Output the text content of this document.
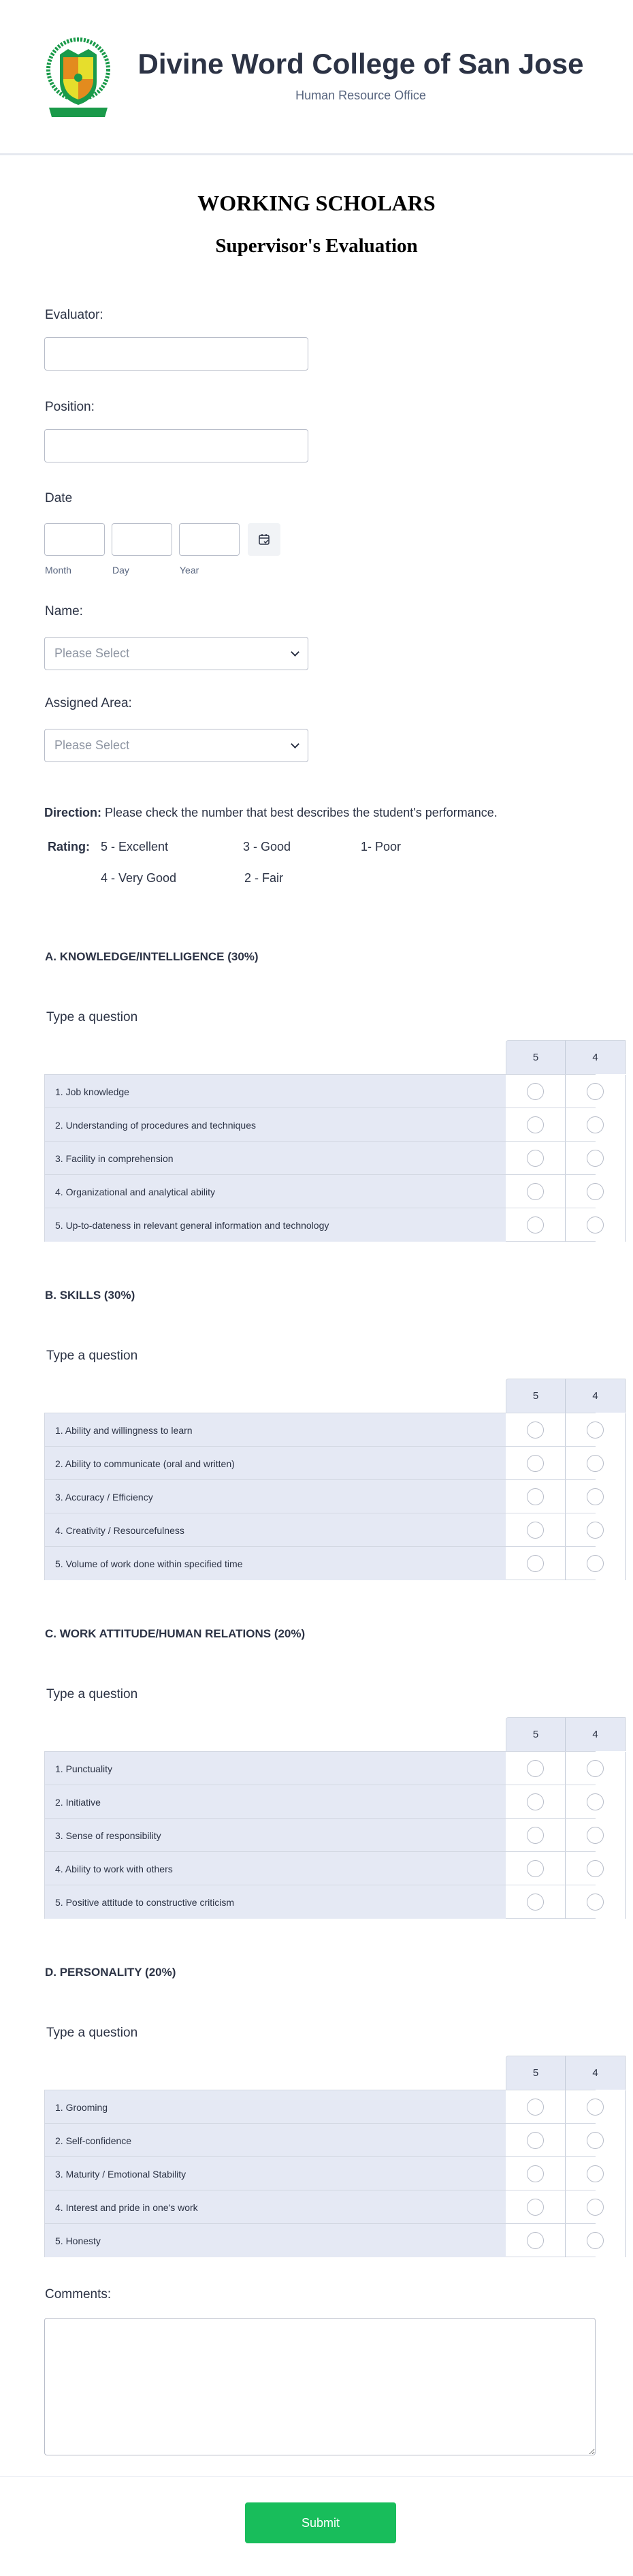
Divine Word College of San Jose
Human Resource Office
WORKING SCHOLARS
Supervisor's Evaluation
Evaluator:
Position:
Date
Month	Day	Year
Name:
Please Select
Assigned Area:
Please Select
Direction: Please check the number that best describes the student's performance.
Rating: 5 - Excellent	3 - Good	1- Poor
4 - Very Good	2 - Fair
A. KNOWLEDGE/INTELLIGENCE (30%)
Type a question
5	4
1. Job knowledge
2. Understanding of procedures and techniques
3. Facility in comprehension
4. Organizational and analytical ability
5. Up-to-dateness in relevant general information and technology
B. SKILLS (30%)
Type a question
5	4
1. Ability and willingness to learn
2. Ability to communicate (oral and written)
3. Accuracy / Efficiency
4. Creativity / Resourcefulness
5. Volume of work done within specified time
C. WORK ATTITUDE/HUMAN RELATIONS (20%)
Type a question
5	4
1. Punctuality
2. Initiative
3. Sense of responsibility
4. Ability to work with others
5. Positive attitude to constructive criticism
D. PERSONALITY (20%)
Type a question
5	4
1. Grooming
2. Self-confidence
3. Maturity / Emotional Stability
4. Interest and pride in one's work
5. Honesty
Comments:
Submit
